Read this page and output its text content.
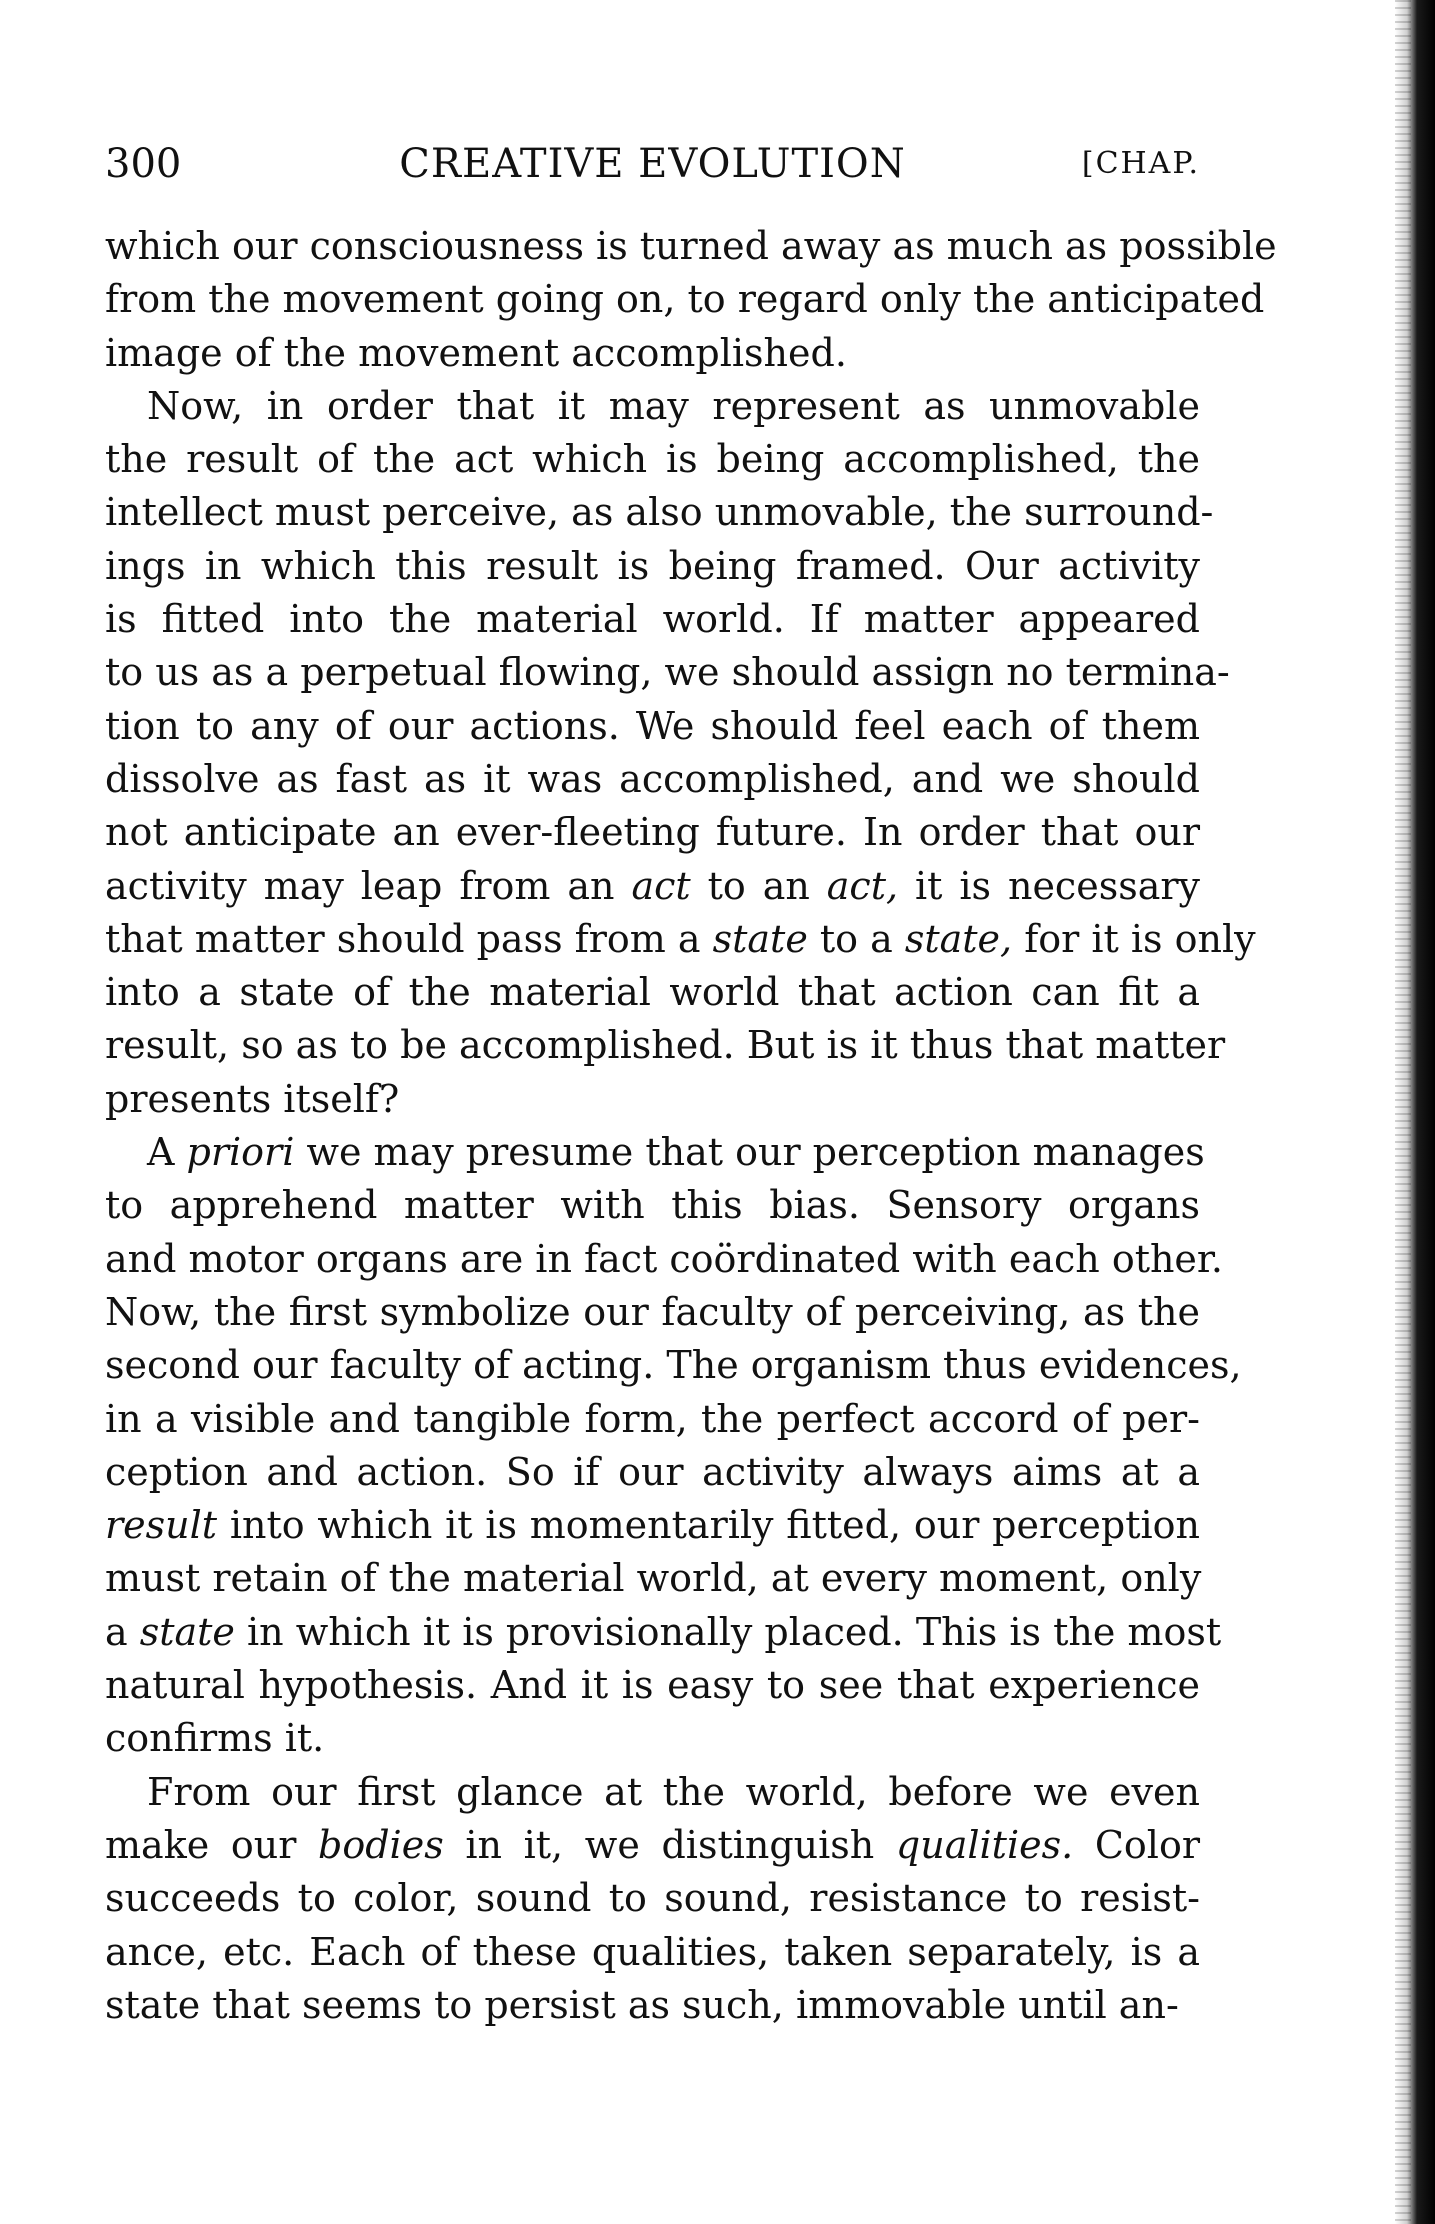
300	CREATIVE EVOLUTION	[CHAP.
which our consciousness is turned away as much as possible
from the movement going on, to regard only the anticipated
image of the movement accomplished.
Now, in order that it may represent as unmovable
the result of the act which is being accomplished, the
intellect must perceive, as also unmovable, the surround-
ings in which this result is being framed. Our activity
is fitted into the material world. If matter appeared
to us as a perpetual flowing, we should assign no termina-
tion to any of our actions. We should feel each of them
dissolve as fast as it was accomplished, and we should
not anticipate an ever-fleeting future. In order that our
activity may leap from an act to an act, it is necessary
that matter should pass from a state to a state, for it is only
into a state of the material world that action can fit a
result, so as to be accomplished. But is it thus that matter
presents itself?
A priori we may presume that our perception manages
to apprehend matter with this bias. Sensory organs
and motor organs are in fact coördinated with each other.
Now, the first symbolize our faculty of perceiving, as the
second our faculty of acting. The organism thus evidences,
in a visible and tangible form, the perfect accord of per-
ception and action. So if our activity always aims at a
result into which it is momentarily fitted, our perception
must retain of the material world, at every moment, only
a state in which it is provisionally placed. This is the most
natural hypothesis. And it is easy to see that experience
confirms it.
From our first glance at the world, before we even
make our bodies in it, we distinguish qualities. Color
succeeds to color, sound to sound, resistance to resist-
ance, etc. Each of these qualities, taken separately, is a
state that seems to persist as such, immovable until an-
